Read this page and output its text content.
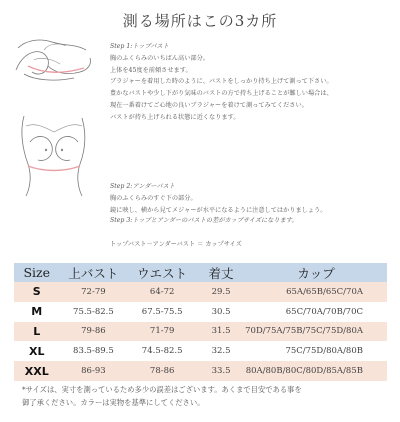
測る場所はこの3カ所
Step 1:トップバスト
胸のふくらみのいちばん高い部分。
上体を45度を前傾させます。
ブラジャーを着用した時のように、バストをしっかり持ち上げて測って下さい。
豊かなバストや少し下がり気味のバストの方で持ち上げることが難しい場合は、
現在一番着けてご心地の良いブラジャーを着けて測ってみてください。
バストが持ち上げられる状態に近くなります。
Step 2:アンダーバスト
胸のふくらみのすぐ下の部分。
鏡に映し、横から見てメジャーが水平になるように注意してはかりましょう。
Step 3:トップとアンダーのバストの差がカップサイズになります。
トップバスト－アンダーバスト ＝ カップサイズ
Size	上バスト	ウエスト	着丈	カップ
S	72-79	64-72	29.5	65A/65B/65C/70A
M	75.5-82.5	67.5-75.5	30.5	65C/70A/70B/70C
L	79-86	71-79	31.5	70D/75A/75B/75C/75D/80A
XL	83.5-89.5	74.5-82.5	32.5	75C/75D/80A/80B
XXL	86-93	78-86	33.5	80A/80B/80C/80D/85A/85B
*サイズは、実寸を測っているため多少の誤差はございます。あくまで目安である事を
御了承ください。カラーは実物を基準にしてください。
